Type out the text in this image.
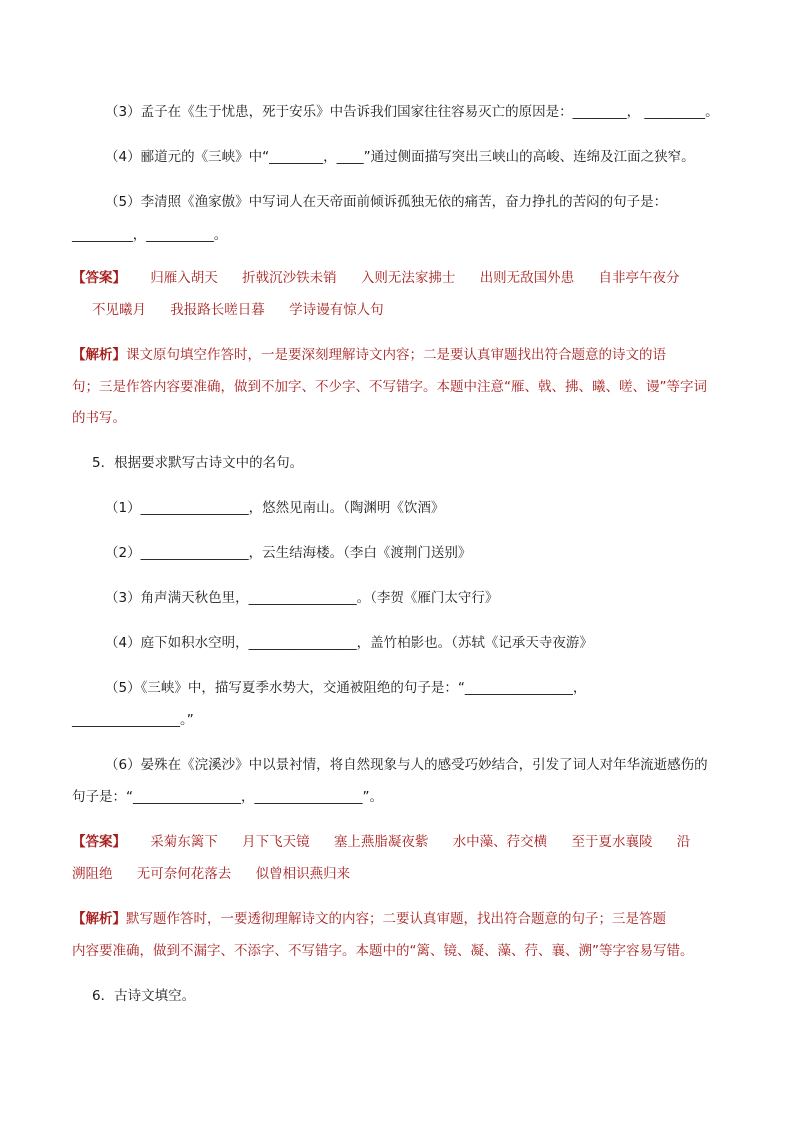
（3）孟子在《生于忧患，死于安乐》中告诉我们国家往往容易灭亡的原因是：________， _________。
（4）郦道元的《三峡》中“________，____”通过侧面描写突出三峡山的高峻、连绵及江面之狭窄。
（5）李清照《渔家傲》中写词人在天帝面前倾诉孤独无依的痛苦，奋力挣扎的苦闷的句子是：
_________，__________。
【答案】 归雁入胡天 折戟沉沙铁未销 入则无法家拂士 出则无敌国外患 自非亭午夜分
不见曦月 我报路长嗟日暮 学诗谩有惊人句
【解析】课文原句填空作答时，一是要深刻理解诗文内容；二是要认真审题找出符合题意的诗文的语
句；三是作答内容要准确，做到不加字、不少字、不写错字。本题中注意“雁、戟、拂、曦、嗟、谩”等字词
的书写。
5．根据要求默写古诗文中的名句。
（1）________________，悠然见南山。（陶渊明《饮酒》
（2）________________，云生结海楼。（李白《渡荆门送别》
（3）角声满天秋色里，________________。（李贺《雁门太守行》
（4）庭下如积水空明，________________，盖竹柏影也。（苏轼《记承天寺夜游》
（5）《三峡》中，描写夏季水势大，交通被阻绝的句子是：“________________，
________________。”
（6）晏殊在《浣溪沙》中以景衬情，将自然现象与人的感受巧妙结合，引发了词人对年华流逝感伤的
句子是：“________________，________________”。
【答案】 采菊东篱下 月下飞天镜 塞上燕脂凝夜紫 水中藻、荇交横 至于夏水襄陵 沿
溯阻绝 无可奈何花落去 似曾相识燕归来
【解析】默写题作答时，一要透彻理解诗文的内容；二要认真审题，找出符合题意的句子；三是答题
内容要准确，做到不漏字、不添字、不写错字。本题中的“篱、镜、凝、藻、荇、襄、溯”等字容易写错。
6．古诗文填空。
